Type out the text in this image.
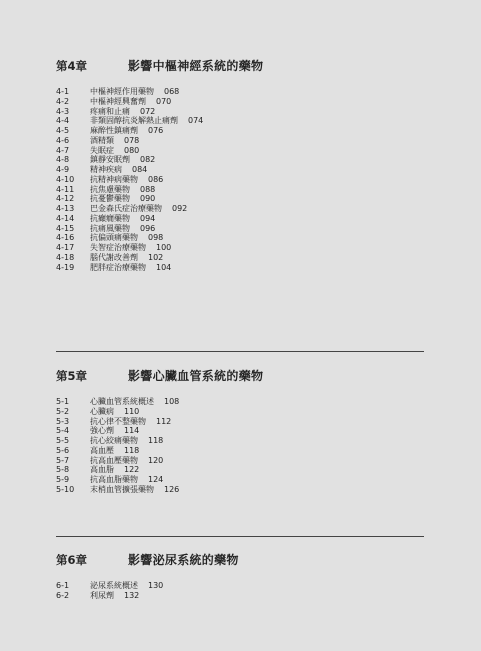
第4章	影響中樞神經系統的藥物
4-1	中樞神經作用藥物 068
4-2	中樞神經興奮劑 070
4-3	疼痛和止痛 072
4-4	非類固醇抗炎解熱止痛劑 074
4-5	麻醉性鎮痛劑 076
4-6	酒精類 078
4-7	失眠症 080
4-8	鎮靜安眠劑 082
4-9	精神疾病 084
4-10	抗精神病藥物 086
4-11	抗焦慮藥物 088
4-12	抗憂鬱藥物 090
4-13	巴金森氏症治療藥物 092
4-14	抗癲癇藥物 094
4-15	抗痛風藥物 096
4-16	抗偏頭痛藥物 098
4-17	失智症治療藥物 100
4-18	腦代謝改善劑 102
4-19	肥胖症治療藥物 104
第5章	影響心臟血管系統的藥物
5-1	心臟血管系統概述 108
5-2	心臟病 110
5-3	抗心律不整藥物 112
5-4	強心劑 114
5-5	抗心絞痛藥物 118
5-6	高血壓 118
5-7	抗高血壓藥物 120
5-8	高血脂 122
5-9	抗高血脂藥物 124
5-10	末梢血管擴張藥物 126
第6章	影響泌尿系統的藥物
6-1	泌尿系統概述 130
6-2	利尿劑 132
